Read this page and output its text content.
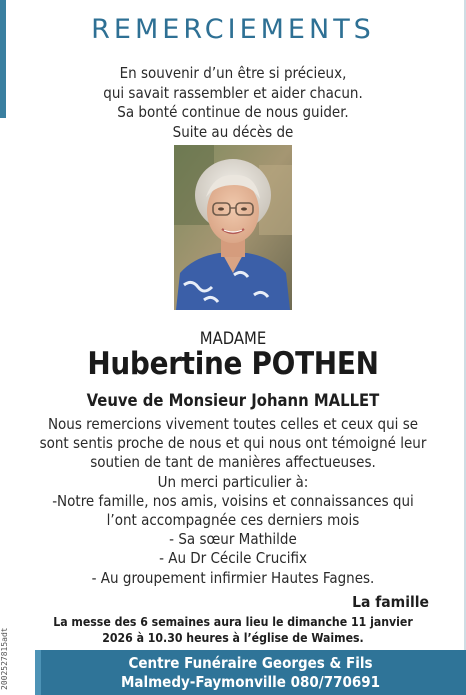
REMERCIEMENTS
En souvenir d’un être si précieux,
qui savait rassembler et aider chacun.
Sa bonté continue de nous guider.
Suite au décès de
MADAME
Hubertine POTHEN
Veuve de Monsieur Johann MALLET
Nous remercions vivement toutes celles et ceux qui se
sont sentis proche de nous et qui nous ont témoigné leur
soutien de tant de manières affectueuses.
Un merci particulier à:
-Notre famille, nos amis, voisins et connaissances qui
l’ont accompagnée ces derniers mois
- Sa sœur Mathilde
- Au Dr Cécile Crucifix
- Au groupement infirmier Hautes Fagnes.
La famille
La messe des 6 semaines aura lieu le dimanche 11 janvier
2026 à 10.30 heures à l’église de Waimes.
2002527815adt	Centre Funéraire Georges & Fils
Malmedy-Faymonville 080/770691
